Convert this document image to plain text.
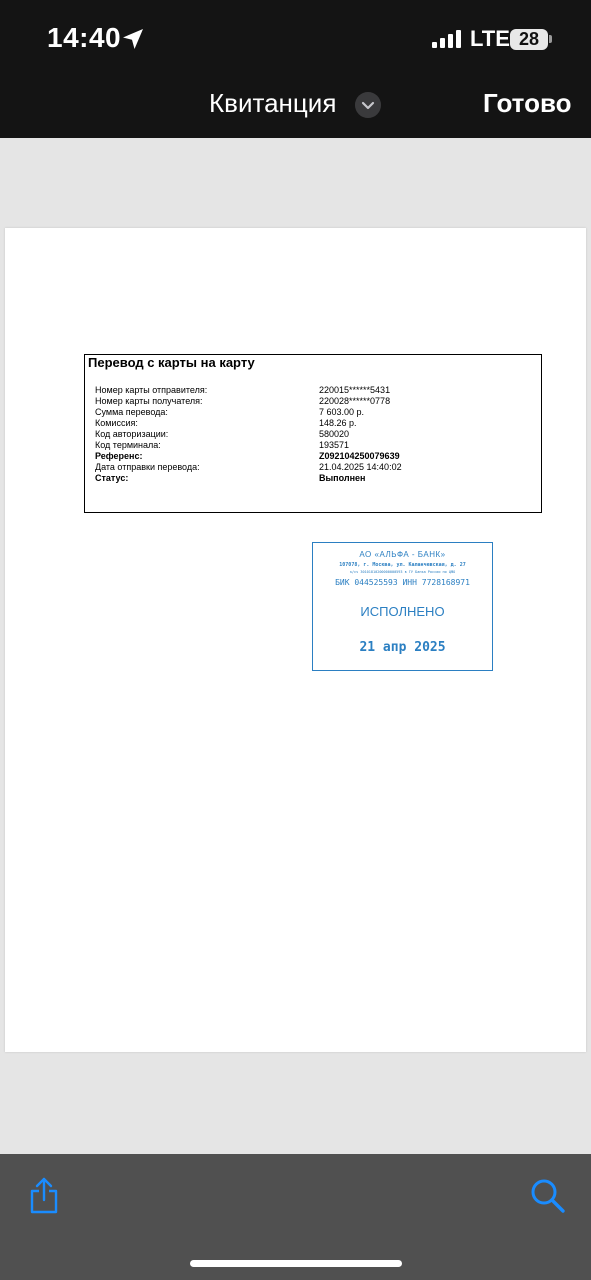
14:40	LTE 28
Квитанция	Готово
Перевод с карты на карту
Номер карты отправителя:	220015******5431
Номер карты получателя:	220028******0778
Сумма перевода:	7 603.00 р.
Комиссия:	148.26 р.
Код авторизации:	580020
Код терминала:	193571
Референс:	Z092104250079639
Дата отправки перевода:	21.04.2025 14:40:02
Статус:	Выполнен
АО «АЛЬФА - БАНК»
107078, г. Москва, ул. Каланчевская, д. 27
к/сч 30101810200000000593 в ГУ Банка России по ЦФО
БИК 044525593 ИНН 7728168971
ИСПОЛНЕНО
21 апр 2025
